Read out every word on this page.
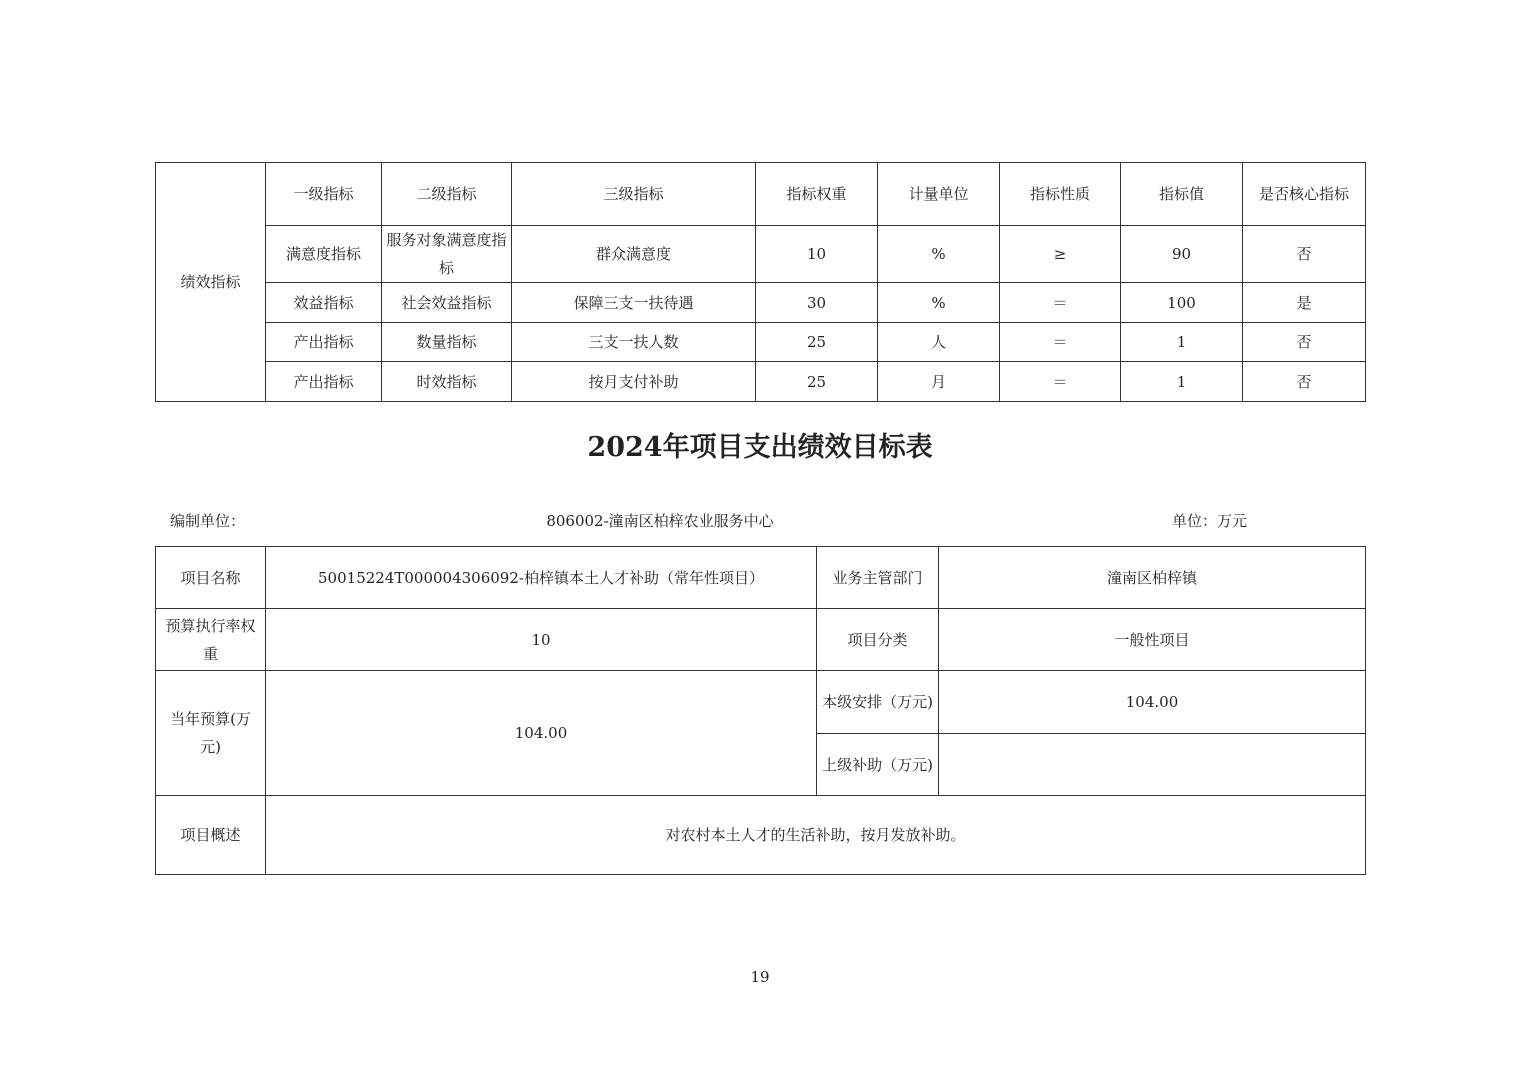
绩效指标	一级指标	二级指标	三级指标	指标权重	计量单位	指标性质	指标值	是否核心指标
	满意度指标	服务对象满意度指标	群众满意度	10	%	≥	90	否
	效益指标	社会效益指标	保障三支一扶待遇	30	%	＝	100	是
	产出指标	数量指标	三支一扶人数	25	人	＝	1	否
	产出指标	时效指标	按月支付补助	25	月	＝	1	否
2024年项目支出绩效目标表
编制单位：	806002-潼南区柏梓农业服务中心	单位：万元
项目名称	50015224T000004306092-柏梓镇本土人才补助（常年性项目）	业务主管部门	潼南区柏梓镇
预算执行率权重	10	项目分类	一般性项目
当年预算(万元)	104.00	本级安排（万元)	104.00
		上级补助（万元)	
项目概述	对农村本土人才的生活补助，按月发放补助。		
19
